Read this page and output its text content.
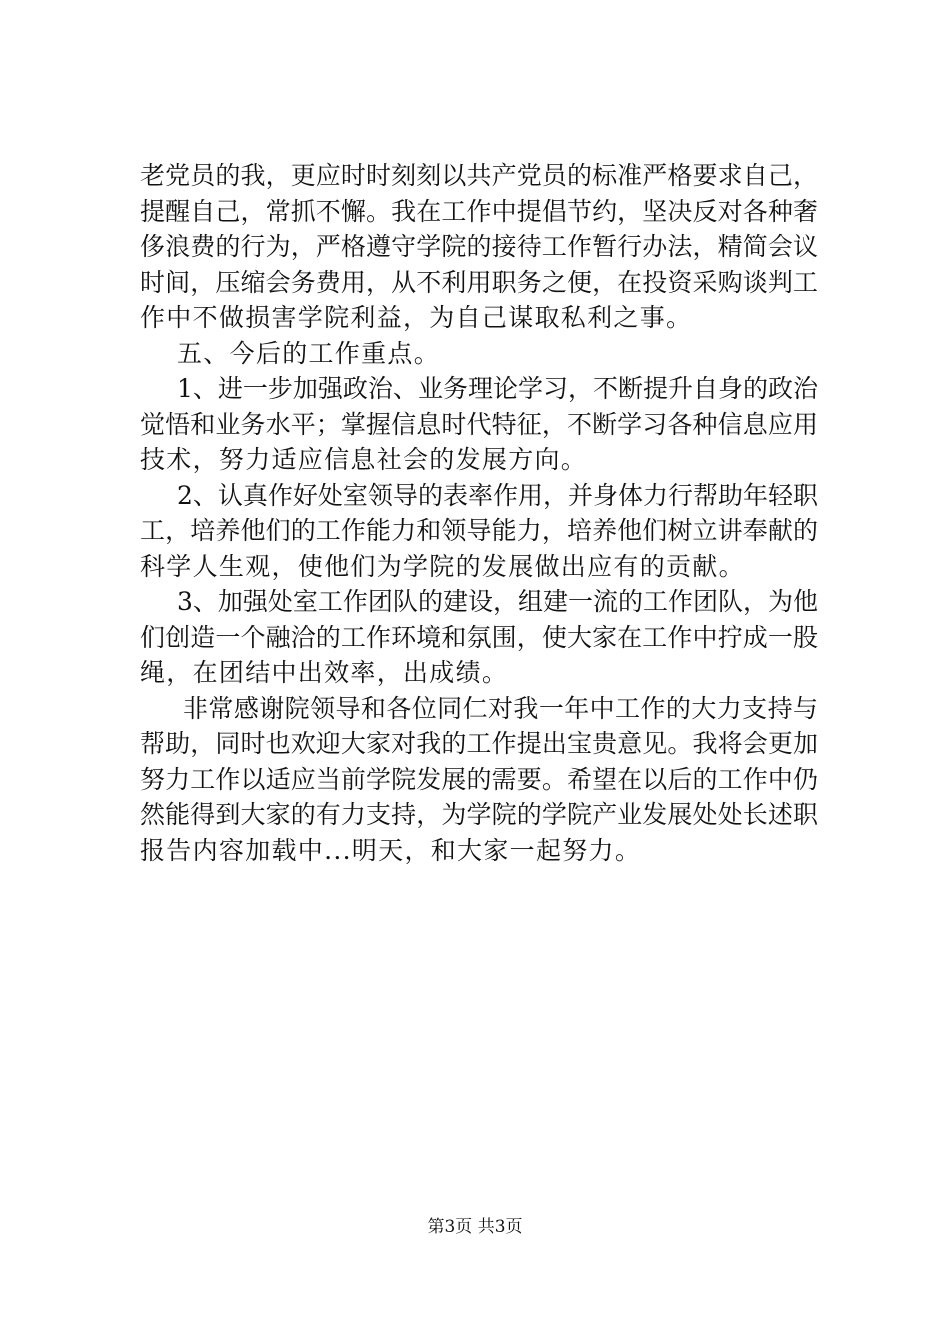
老党员的我，更应时时刻刻以共产党员的标准严格要求自己，
提醒自己，常抓不懈。我在工作中提倡节约，坚决反对各种奢
侈浪费的行为，严格遵守学院的接待工作暂行办法，精简会议
时间，压缩会务费用，从不利用职务之便，在投资采购谈判工
作中不做损害学院利益，为自己谋取私利之事。
五、今后的工作重点。
1、进一步加强政治、业务理论学习，不断提升自身的政治
觉悟和业务水平；掌握信息时代特征，不断学习各种信息应用
技术，努力适应信息社会的发展方向。
2、认真作好处室领导的表率作用，并身体力行帮助年轻职
工，培养他们的工作能力和领导能力，培养他们树立讲奉献的
科学人生观，使他们为学院的发展做出应有的贡献。
3、加强处室工作团队的建设，组建一流的工作团队，为他
们创造一个融洽的工作环境和氛围，使大家在工作中拧成一股
绳，在团结中出效率，出成绩。
非常感谢院领导和各位同仁对我一年中工作的大力支持与
帮助，同时也欢迎大家对我的工作提出宝贵意见。我将会更加
努力工作以适应当前学院发展的需要。希望在以后的工作中仍
然能得到大家的有力支持，为学院的学院产业发展处处长述职
报告内容加载中...明天，和大家一起努力。
第3页 共3页
